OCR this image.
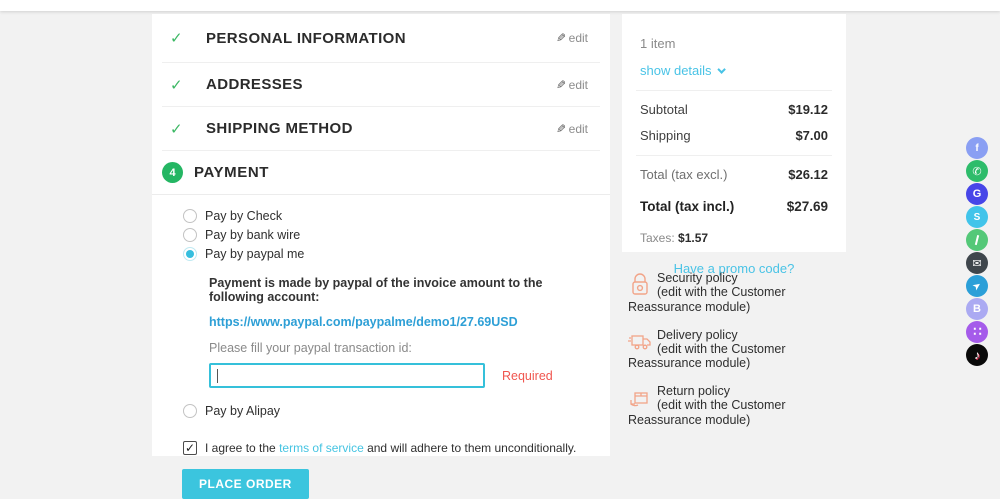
✓ PERSONAL INFORMATION	✎ edit
✓ ADDRESSES	✎ edit
✓ SHIPPING METHOD	✎ edit
4	PAYMENT
Pay by Check
Pay by bank wire
Pay by paypal me
Payment is made by paypal of the invoice amount to the following account:
https://www.paypal.com/paypalme/demo1/27.69USD
Please fill your paypal transaction id:
Required
Pay by Alipay
✓ I agree to the terms of service and will adhere to them unconditionally.
PLACE ORDER
1 item
show details
Subtotal	$19.12
Shipping	$7.00
Total (tax excl.)	$26.12
Total (tax incl.)	$27.69
Taxes: $1.57
Have a promo code?
Security policy
(edit with the Customer Reassurance module)
Delivery policy
(edit with the Customer Reassurance module)
Return policy
(edit with the Customer Reassurance module)
f
✆
G
S
✉
➤
B
∷
♪
